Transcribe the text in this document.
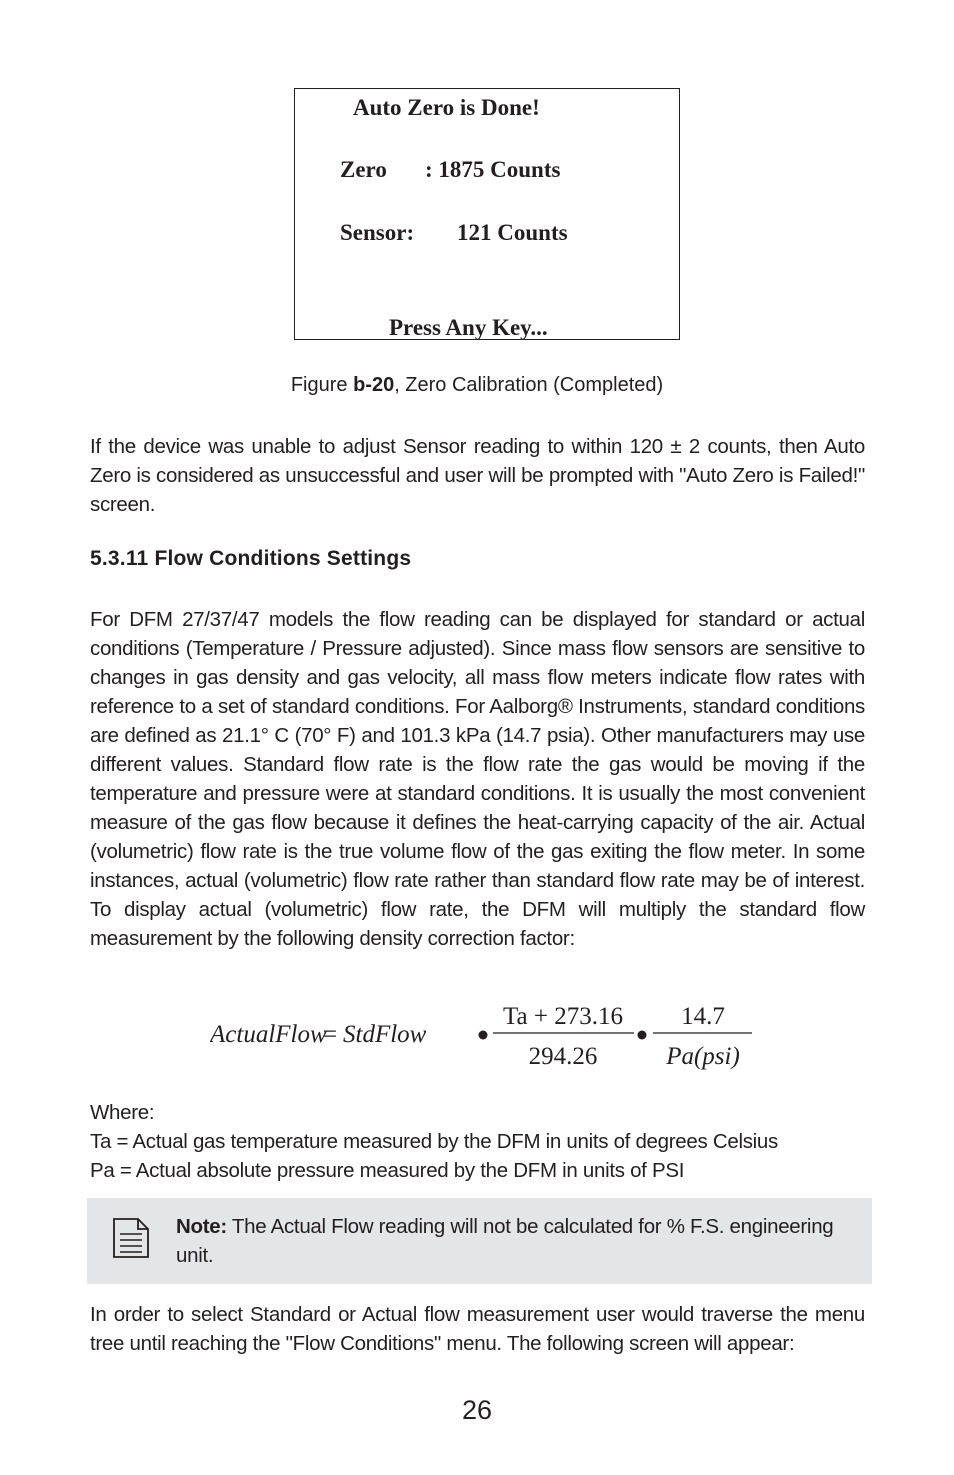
Auto Zero is Done!
Zero : 1875 Counts
Sensor: 121 Counts
Press Any Key...
Figure b-20, Zero Calibration (Completed)
If the device was unable to adjust Sensor reading to within 120 ± 2 counts, then Auto Zero is considered as unsuccessful and user will be prompted with "Auto Zero is Failed!" screen.
5.3.11 Flow Conditions Settings
For DFM 27/37/47 models the flow reading can be displayed for standard or actual conditions (Temperature / Pressure adjusted). Since mass flow sensors are sensitive to changes in gas density and gas velocity, all mass flow meters indicate flow rates with reference to a set of standard conditions. For Aalborg® Instruments, standard conditions are defined as 21.1° C (70° F) and 101.3 kPa (14.7 psia). Other manufacturers may use different values. Standard flow rate is the flow rate the gas would be moving if the temperature and pressure were at standard conditions. It is usually the most convenient measure of the gas flow because it defines the heat-carrying capacity of the air. Actual (volumetric) flow rate is the true volume flow of the gas exiting the flow meter. In some instances, actual (volumetric) flow rate rather than standard flow rate may be of interest. To display actual (volumetric) flow rate, the DFM will multiply the standard flow measurement by the following density correction factor:
ActualFlow
= StdFlow
Ta + 273.16
294.26
14.7
Pa(psi)
Where:
Ta = Actual gas temperature measured by the DFM in units of degrees Celsius
Pa = Actual absolute pressure measured by the DFM in units of PSI
Note: The Actual Flow reading will not be calculated for % F.S. engineering unit.
In order to select Standard or Actual flow measurement user would traverse the menu tree until reaching the "Flow Conditions" menu. The following screen will appear:
26
